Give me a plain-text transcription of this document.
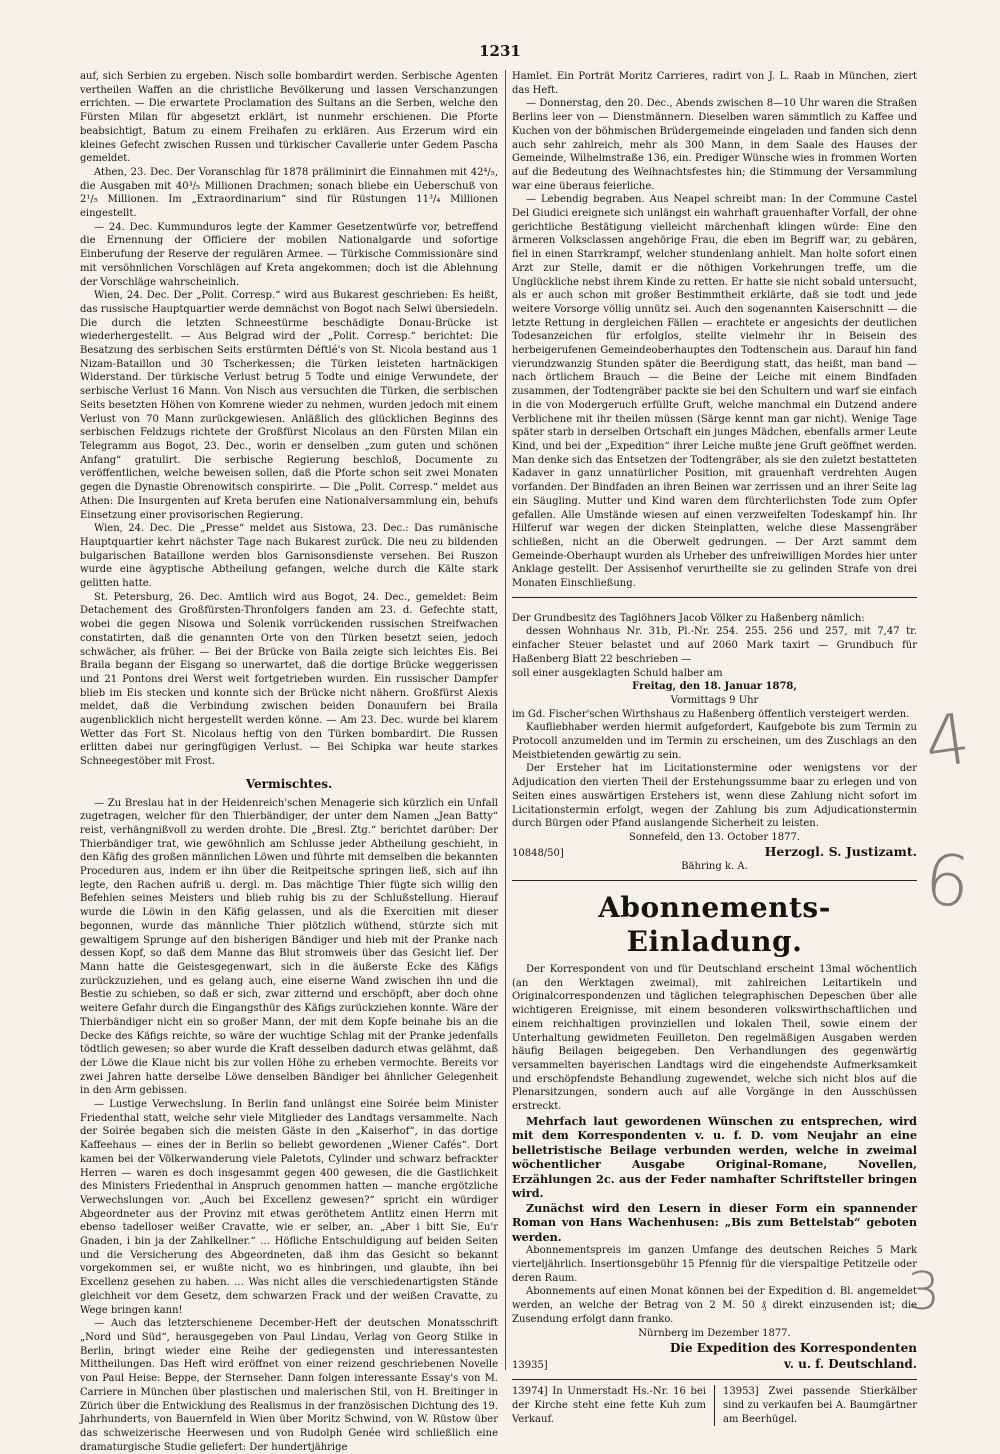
1231

auf, sich Serbien zu ergeben. Nisch solle bombardirt werden. Serbische Agenten vertheilen Waffen an die christliche Bevölkerung und lassen Verschanzungen errichten. — Die erwartete Proclamation des Sultans an die Serben, welche den Fürsten Milan für abgesetzt erklärt, ist nunmehr erschienen. Die Pforte beabsichtigt, Batum zu einem Freihafen zu erklären. Aus Erzerum wird ein kleines Gefecht zwischen Russen und türkischer Cavallerie unter Gedem Pascha gemeldet.

Athen, 23. Dec. Der Voranschlag für 1878 präliminirt die Einnahmen mit 42⁴/₅, die Ausgaben mit 40³/₅ Millionen Drachmen; sonach bliebe ein Ueberschuß von 2¹/₅ Millionen. Im „Extraordinarium“ sind für Rüstungen 11³/₄ Millionen eingestellt.

— 24. Dec. Kummunduros legte der Kammer Gesetzentwürfe vor, betreffend die Ernennung der Officiere der mobilen Nationalgarde und sofortige Einberufung der Reserve der regulären Armee. — Türkische Commissionäre sind mit versöhnlichen Vorschlägen auf Kreta angekommen; doch ist die Ablehnung der Vorschläge wahrscheinlich.

Wien, 24. Dec. Der „Polit. Corresp.“ wird aus Bukarest geschrieben: Es heißt, das russische Hauptquartier werde demnächst von Bogot nach Selwi übersiedeln. Die durch die letzten Schneestürme beschädigte Donau-Brücke ist wiederhergestellt. — Aus Belgrad wird der „Polit. Corresp.“ berichtet: Die Besatzung des serbischen Seits erstürmten Déftlé's von St. Nicola bestand aus 1 Nizam-Bataillon und 30 Tscherkessen; die Türken leisteten hartnäckigen Widerstand. Der türkische Verlust betrug 5 Todte und einige Verwundete, der serbische Verlust 16 Mann. Von Nisch aus versuchten die Türken, die serbischen Seits besetzten Höhen von Komrene wieder zu nehmen, wurden jedoch mit einem Verlust von 70 Mann zurückgewiesen. Anläßlich des glücklichen Beginns des serbischen Feldzugs richtete der Großfürst Nicolaus an den Fürsten Milan ein Telegramm aus Bogot, 23. Dec., worin er denselben „zum guten und schönen Anfang“ gratulirt. Die serbische Regierung beschloß, Documente zu veröffentlichen, welche beweisen sollen, daß die Pforte schon seit zwei Monaten gegen die Dynastie Obrenowitsch conspirirte. — Die „Polit. Corresp.“ meldet aus Athen: Die Insurgenten auf Kreta berufen eine Nationalversammlung ein, behufs Einsetzung einer provisorischen Regierung.

Wien, 24. Dec. Die „Presse“ meldet aus Sistowa, 23. Dec.: Das rumänische Hauptquartier kehrt nächster Tage nach Bukarest zurück. Die neu zu bildenden bulgarischen Bataillone werden blos Garnisonsdienste versehen. Bei Ruszon wurde eine ägyptische Abtheilung gefangen, welche durch die Kälte stark gelitten hatte.

St. Petersburg, 26. Dec. Amtlich wird aus Bogot, 24. Dec., gemeldet: Beim Detachement des Großfürsten-Thronfolgers fanden am 23. d. Gefechte statt, wobei die gegen Nisowa und Solenik vorrückenden russischen Streifwachen constatirten, daß die genannten Orte von den Türken besetzt seien, jedoch schwächer, als früher. — Bei der Brücke von Baila zeigte sich leichtes Eis. Bei Braila begann der Eisgang so unerwartet, daß die dortige Brücke weggerissen und 21 Pontons drei Werst weit fortgetrieben wurden. Ein russischer Dampfer blieb im Eis stecken und konnte sich der Brücke nicht nähern. Großfürst Alexis meldet, daß die Verbindung zwischen beiden Donauufern bei Braila augenblicklich nicht hergestellt werden könne. — Am 23. Dec. wurde bei klarem Wetter das Fort St. Nicolaus heftig von den Türken bombardirt. Die Russen erlitten dabei nur geringfügigen Verlust. — Bei Schipka war heute starkes Schneegestöber mit Frost.

Vermischtes.

— Zu Breslau hat in der Heidenreich'schen Menagerie sich kürzlich ein Unfall zugetragen, welcher für den Thierbändiger, der unter dem Namen „Jean Batty“ reist, verhängnißvoll zu werden drohte. Die „Bresl. Ztg.“ berichtet darüber: Der Thierbändiger trat, wie gewöhnlich am Schlusse jeder Abtheilung geschieht, in den Käfig des großen männlichen Löwen und führte mit demselben die bekannten Proceduren aus, indem er ihn über die Reitpeitsche springen ließ, sich auf ihn legte, den Rachen aufriß u. dergl. m. Das mächtige Thier fügte sich willig den Befehlen seines Meisters und blieb ruhig bis zu der Schlußstellung. Hierauf wurde die Löwin in den Käfig gelassen, und als die Exercitien mit dieser begonnen, wurde das männliche Thier plötzlich wüthend, stürzte sich mit gewaltigem Sprunge auf den bisherigen Bändiger und hieb mit der Pranke nach dessen Kopf, so daß dem Manne das Blut stromweis über das Gesicht lief. Der Mann hatte die Geistesgegenwart, sich in die äußerste Ecke des Käfigs zurückzuziehen, und es gelang auch, eine eiserne Wand zwischen ihn und die Bestie zu schieben, so daß er sich, zwar zitternd und erschöpft, aber doch ohne weitere Gefahr durch die Eingangsthür des Käfigs zurückziehen konnte. Wäre der Thierbändiger nicht ein so großer Mann, der mit dem Kopfe beinahe bis an die Decke des Käfigs reichte, so wäre der wuchtige Schlag mit der Pranke jedenfalls tödtlich gewesen; so aber wurde die Kraft desselben dadurch etwas gelähmt, daß der Löwe die Klaue nicht bis zur vollen Höhe zu erheben vermochte. Bereits vor zwei Jahren hatte derselbe Löwe denselben Bändiger bei ähnlicher Gelegenheit in den Arm gebissen.

— Lustige Verwechslung. In Berlin fand unlängst eine Soirée beim Minister Friedenthal statt, welche sehr viele Mitglieder des Landtags versammelte. Nach der Soirée begaben sich die meisten Gäste in den „Kaiserhof“, in das dortige Kaffeehaus — eines der in Berlin so beliebt gewordenen „Wiener Cafés“. Dort kamen bei der Völkerwanderung viele Paletots, Cylinder und schwarz befrackter Herren — waren es doch insgesammt gegen 400 gewesen, die die Gastlichkeit des Ministers Friedenthal in Anspruch genommen hatten — manche ergötzliche Verwechslungen vor. „Auch bei Excellenz gewesen?“ spricht ein würdiger Abgeordneter aus der Provinz mit etwas geröthetem Antlitz einen Herrn mit ebenso tadelloser weißer Cravatte, wie er selber, an. „Aber i bitt Sie, Eu'r Gnaden, i bin ja der Zahlkellner.“ … Höfliche Entschuldigung auf beiden Seiten und die Versicherung des Abgeordneten, daß ihm das Gesicht so bekannt vorgekommen sei, er wußte nicht, wo es hinbringen, und glaubte, ihn bei Excellenz gesehen zu haben. … Was nicht alles die verschiedenartigsten Stände gleichheit vor dem Gesetz, dem schwarzen Frack und der weißen Cravatte, zu Wege bringen kann!

— Auch das letzterschienene December-Heft der deutschen Monatsschrift „Nord und Süd“, herausgegeben von Paul Lindau, Verlag von Georg Stilke in Berlin, bringt wieder eine Reihe der gediegensten und interessantesten Mittheilungen. Das Heft wird eröffnet von einer reizend geschriebenen Novelle von Paul Heise: Beppe, der Sternseher. Dann folgen interessante Essay's von M. Carriere in München über plastischen und malerischen Stil, von H. Breitinger in Zürich über die Entwicklung des Realismus in der französischen Dichtung des 19. Jahrhunderts, von Bauernfeld in Wien über Moritz Schwind, von W. Rüstow über das schweizerische Heerwesen und von Rudolph Genée wird schließlich eine dramaturgische Studie geliefert: Der hundertjährige

Hamlet. Ein Porträt Moritz Carrieres, radirt von J. L. Raab in München, ziert das Heft.

— Donnerstag, den 20. Dec., Abends zwischen 8—10 Uhr waren die Straßen Berlins leer von — Dienstmännern. Dieselben waren sämmtlich zu Kaffee und Kuchen von der böhmischen Brüdergemeinde eingeladen und fanden sich denn auch sehr zahlreich, mehr als 300 Mann, in dem Saale des Hauses der Gemeinde, Wilhelmstraße 136, ein. Prediger Wünsche wies in frommen Worten auf die Bedeutung des Weihnachtsfestes hin; die Stimmung der Versammlung war eine überaus feierliche.

— Lebendig begraben. Aus Neapel schreibt man: In der Commune Castel Del Giudici ereignete sich unlängst ein wahrhaft grauenhafter Vorfall, der ohne gerichtliche Bestätigung vielleicht märchenhaft klingen würde: Eine den ärmeren Volksclassen angehörige Frau, die eben im Begriff war, zu gebären, fiel in einen Starrkrampf, welcher stundenlang anhielt. Man holte sofort einen Arzt zur Stelle, damit er die nöthigen Vorkehrungen treffe, um die Unglückliche nebst ihrem Kinde zu retten. Er hatte sie nicht sobald untersucht, als er auch schon mit großer Bestimmtheit erklärte, daß sie todt und jede weitere Vorsorge völlig unnütz sei. Auch den sogenannten Kaiserschnitt — die letzte Rettung in dergleichen Fällen — erachtete er angesichts der deutlichen Todesanzeichen für erfolglos, stellte vielmehr ihr in Beisein des herbeigerufenen Gemeindeoberhauptes den Todtenschein aus. Darauf hin fand vierundzwanzig Stunden später die Beerdigung statt, das heißt, man band — nach örtlichem Brauch — die Beine der Leiche mit einem Bindfaden zusammen, der Todtengräber packte sie bei den Schultern und warf sie einfach in die von Modergeruch erfüllte Gruft, welche manchmal ein Dutzend andere Verblichene mit ihr theilen müssen (Särge kennt man gar nicht). Wenige Tage später starb in derselben Ortschaft ein junges Mädchen, ebenfalls armer Leute Kind, und bei der „Expedition“ ihrer Leiche mußte jene Gruft geöffnet werden. Man denke sich das Entsetzen der Todtengräber, als sie den zuletzt bestatteten Kadaver in ganz unnatürlicher Position, mit grauenhaft verdrehten Augen vorfanden. Der Bindfaden an ihren Beinen war zerrissen und an ihrer Seite lag ein Säugling. Mutter und Kind waren dem fürchterlichsten Tode zum Opfer gefallen. Alle Umstände wiesen auf einen verzweifelten Todeskampf hin. Ihr Hilferuf war wegen der dicken Steinplatten, welche diese Massengräber schließen, nicht an die Oberwelt gedrungen. — Der Arzt sammt dem Gemeinde-Oberhaupt wurden als Urheber des unfreiwilligen Mordes hier unter Anklage gestellt. Der Assisenhof verurtheilte sie zu gelinden Strafe von drei Monaten Einschließung.

Der Grundbesitz des Taglöhners Jacob Völker zu Haßenberg nämlich:

dessen Wohnhaus Nr. 31b, Pl.-Nr. 254. 255. 256 und 257, mit 7,47 tr. einfacher Steuer belastet und auf 2060 Mark taxirt — Grundbuch für Haßenberg Blatt 22 beschrieben —

soll einer ausgeklagten Schuld halber am

Freitag, den 18. Januar 1878,

Vormittags 9 Uhr

im Gd. Fischer'schen Wirthshaus zu Haßenberg öffentlich versteigert werden.

Kaufliebhaber werden hiermit aufgefordert, Kaufgebote bis zum Termin zu Protocoll anzumelden und im Termin zu erscheinen, um des Zuschlags an den Meistbietenden gewärtig zu sein.

Der Ersteher hat im Licitationstermine oder wenigstens vor der Adjudication den vierten Theil der Erstehungssumme baar zu erlegen und von Seiten eines auswärtigen Erstehers ist, wenn diese Zahlung nicht sofort im Licitationstermin erfolgt, wegen der Zahlung bis zum Adjudicationstermin durch Bürgen oder Pfand auslangende Sicherheit zu leisten.

Sonnefeld, den 13. October 1877.

10848/50]	Herzogl. S. Justizamt.

Bähring k. A.

Abonnements-Einladung.

Der Korrespondent von und für Deutschland erscheint 13mal wöchentlich (an den Werktagen zweimal), mit zahlreichen Leitartikeln und Originalcorrespondenzen und täglichen telegraphischen Depeschen über alle wichtigeren Ereignisse, mit einem besonderen volkswirthschaftlichen und einem reichhaltigen provinziellen und lokalen Theil, sowie einem der Unterhaltung gewidmeten Feuilleton. Den regelmäßigen Ausgaben werden häufig Beilagen beigegeben. Den Verhandlungen des gegenwärtig versammelten bayerischen Landtags wird die eingehendste Aufmerksamkeit und erschöpfendste Behandlung zugewendet, welche sich nicht blos auf die Plenarsitzungen, sondern auch auf alle Vorgänge in den Ausschüssen erstreckt.

Mehrfach laut gewordenen Wünschen zu entsprechen, wird mit dem Korrespondenten v. u. f. D. vom Neujahr an eine belletristische Beilage verbunden werden, welche in zweimal wöchentlicher Ausgabe Original-Romane, Novellen, Erzählungen 2c. aus der Feder namhafter Schriftsteller bringen wird.

Zunächst wird den Lesern in dieser Form ein spannender Roman von Hans Wachenhusen: „Bis zum Bettelstab“ geboten werden.

Abonnementspreis im ganzen Umfange des deutschen Reiches 5 Mark vierteljährlich. Insertionsgebühr 15 Pfennig für die vierspaltige Petitzeile oder deren Raum.

Abonnements auf einen Monat können bei der Expedition d. Bl. angemeldet werden, an welche der Betrag von 2 M. 50 ₰ direkt einzusenden ist; die Zusendung erfolgt dann franko.

Nürnberg im Dezember 1877.

Die Expedition des Korrespondenten
13935]	v. u. f. Deutschland.
13974] In Unmerstadt Hs.-Nr. 16 bei der Kirche steht eine fette Kuh zum Verkauf.
13953] Zwei passende Stierkälber sind zu verkaufen bei A. Baumgärtner am Beerhügel.
4
6
3
